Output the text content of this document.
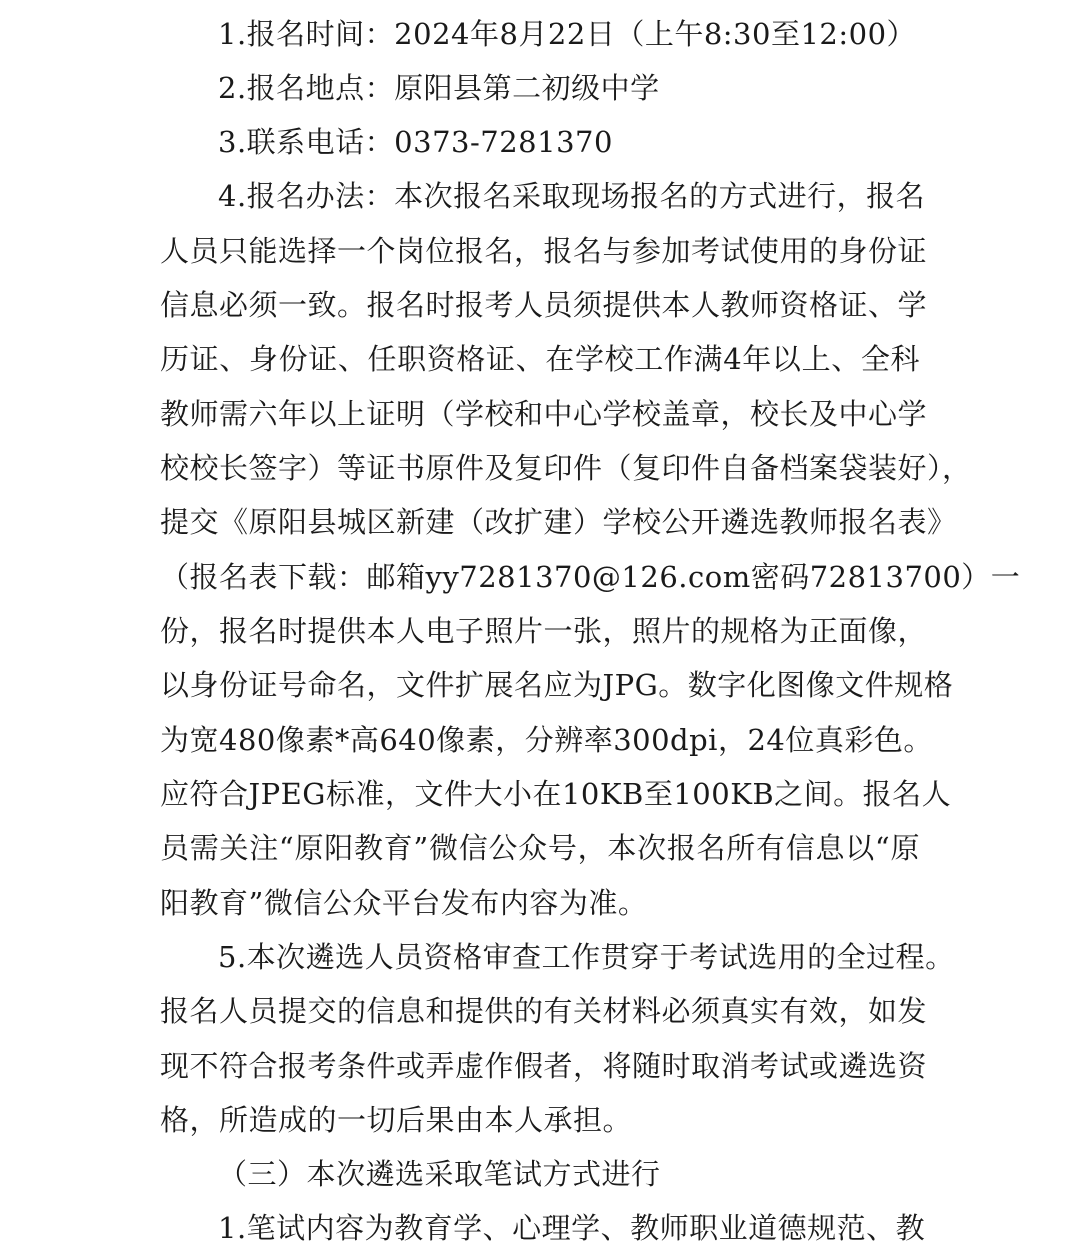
1.报名时间：2024年8月22日（上午8:30至12:00）
2.报名地点：原阳县第二初级中学
3.联系电话：0373-7281370
4.报名办法：本次报名采取现场报名的方式进行，报名
人员只能选择一个岗位报名，报名与参加考试使用的身份证
信息必须一致。报名时报考人员须提供本人教师资格证、学
历证、身份证、任职资格证、在学校工作满4年以上、全科
教师需六年以上证明（学校和中心学校盖章，校长及中心学
校校长签字）等证书原件及复印件（复印件自备档案袋装好），
提交《原阳县城区新建（改扩建）学校公开遴选教师报名表》
（报名表下载：邮箱yy7281370@126.com密码72813700）一
份，报名时提供本人电子照片一张，照片的规格为正面像，
以身份证号命名，文件扩展名应为JPG。数字化图像文件规格
为宽480像素*高640像素，分辨率300dpi，24位真彩色。
应符合JPEG标准，文件大小在10KB至100KB之间。报名人
员需关注“原阳教育”微信公众号，本次报名所有信息以“原
阳教育”微信公众平台发布内容为准。
5.本次遴选人员资格审查工作贯穿于考试选用的全过程。
报名人员提交的信息和提供的有关材料必须真实有效，如发
现不符合报考条件或弄虚作假者，将随时取消考试或遴选资
格，所造成的一切后果由本人承担。
（三）本次遴选采取笔试方式进行
1.笔试内容为教育学、心理学、教师职业道德规范、教
